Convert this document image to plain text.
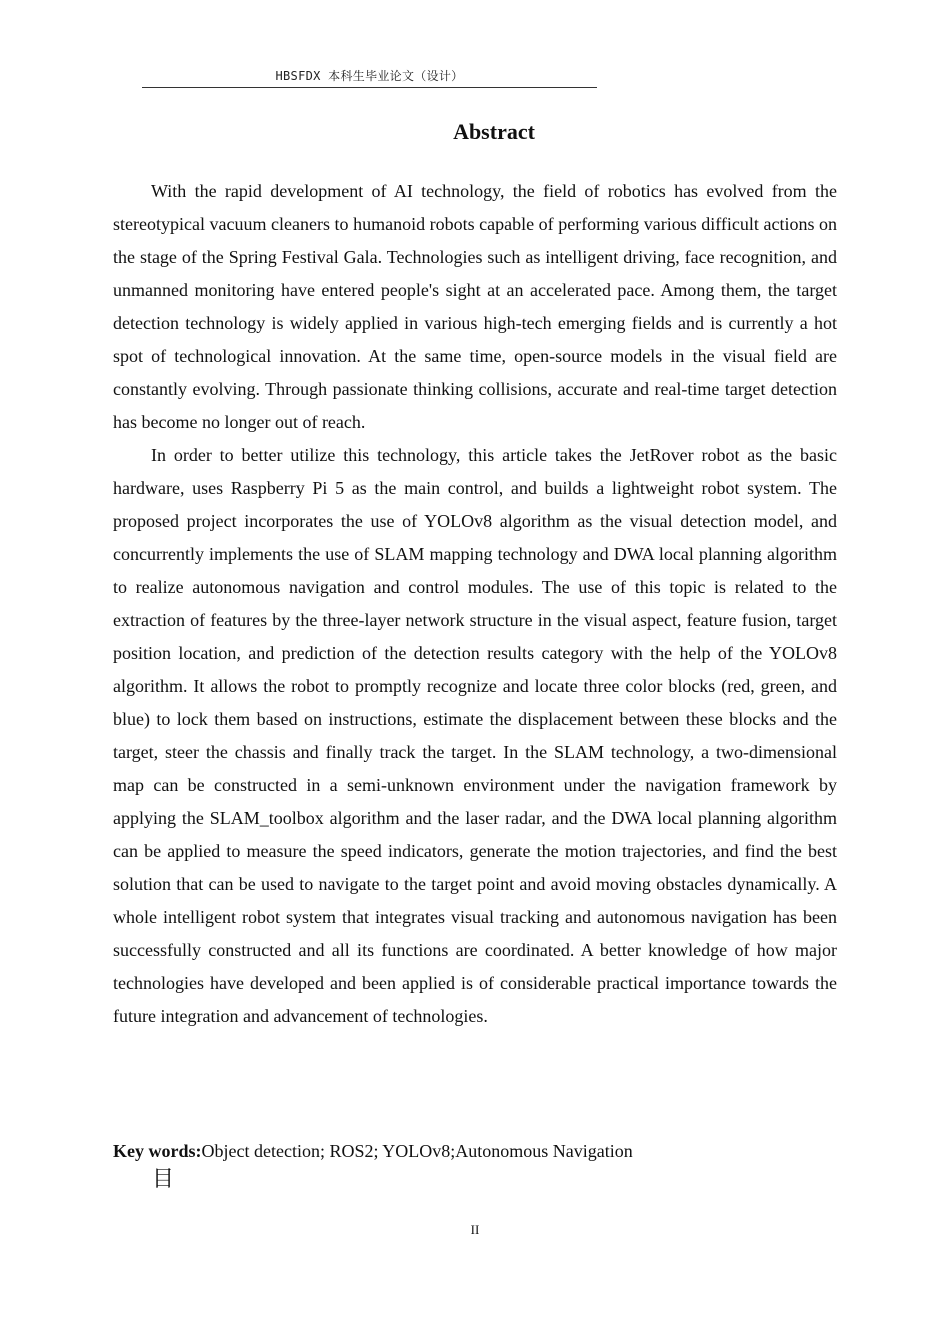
HBSFDX 本科生毕业论文（设计）
Abstract

With the rapid development of AI technology, the field of robotics has evolved from the stereotypical vacuum cleaners to humanoid robots capable of performing various difficult actions on the stage of the Spring Festival Gala. Technologies such as intelligent driving, face recognition, and unmanned monitoring have entered people's sight at an accelerated pace. Among them, the target detection technology is widely applied in various high-tech emerging fields and is currently a hot spot of technological innovation. At the same time, open-source models in the visual field are constantly evolving. Through passionate thinking collisions, accurate and real-time target detection has become no longer out of reach.

In order to better utilize this technology, this article takes the JetRover robot as the basic hardware, uses Raspberry Pi 5 as the main control, and builds a lightweight robot system. The proposed project incorporates the use of YOLOv8 algorithm as the visual detection model, and concurrently implements the use of SLAM mapping technology and DWA local planning algorithm to realize autonomous navigation and control modules. The use of this topic is related to the extraction of features by the three-layer network structure in the visual aspect, feature fusion, target position location, and prediction of the detection results category with the help of the YOLOv8 algorithm. It allows the robot to promptly recognize and locate three color blocks (red, green, and blue) to lock them based on instructions, estimate the displacement between these blocks and the target, steer the chassis and finally track the target. In the SLAM technology, a two-dimensional map can be constructed in a semi-unknown environment under the navigation framework by applying the SLAM_toolbox algorithm and the laser radar, and the DWA local planning algorithm can be applied to measure the speed indicators, generate the motion trajectories, and find the best solution that can be used to navigate to the target point and avoid moving obstacles dynamically. A whole intelligent robot system that integrates visual tracking and autonomous navigation has been successfully constructed and all its functions are coordinated. A better knowledge of how major technologies have developed and been applied is of considerable practical importance towards the future integration and advancement of technologies.

Key words:Object detection; ROS2; YOLOv8;Autonomous Navigation
目
II
